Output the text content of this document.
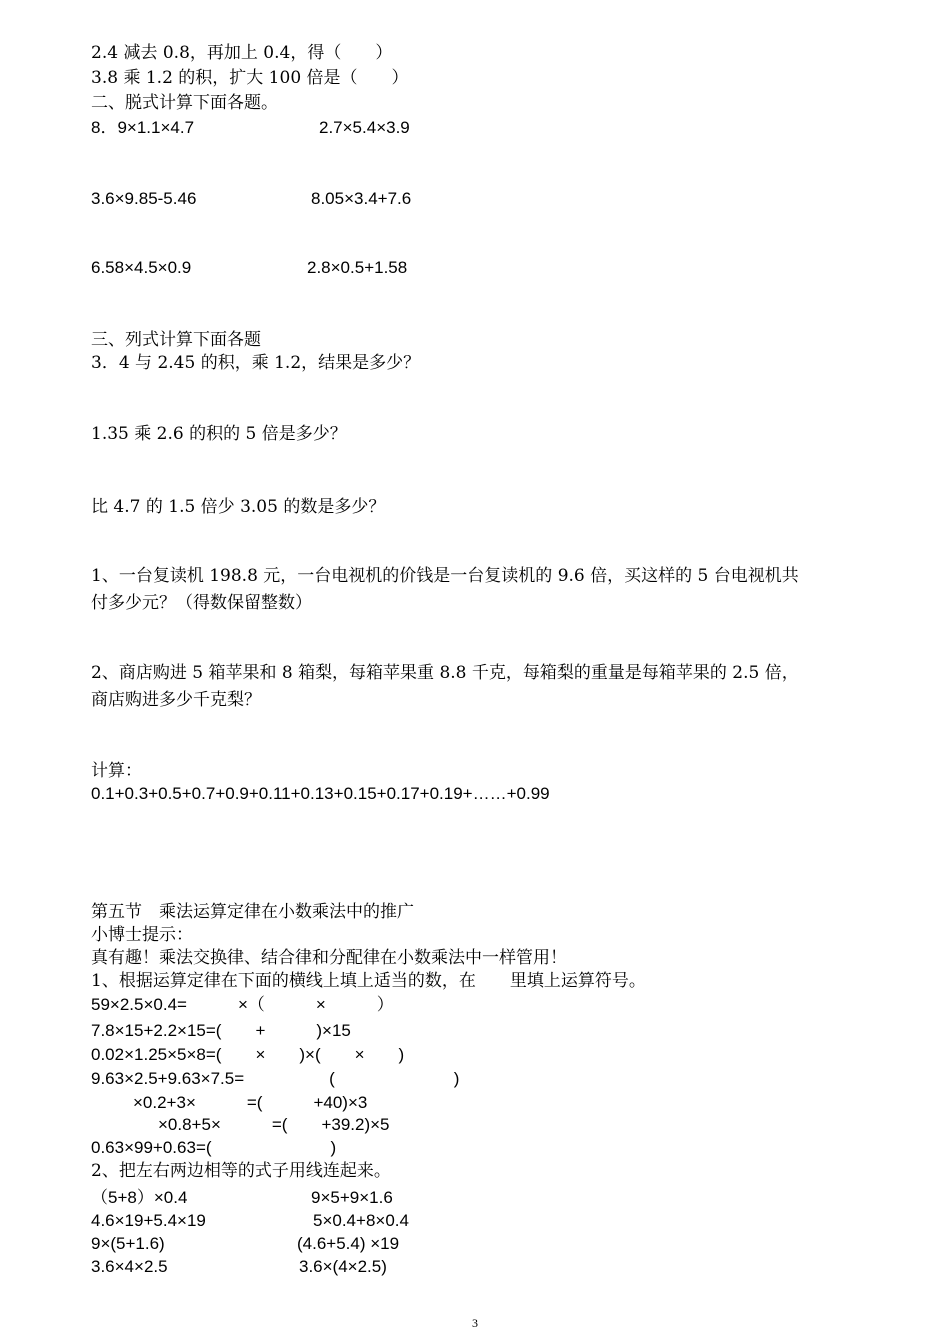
2.4 减去 0.8，再加上 0.4，得（　　）
3.8 乘 1.2 的积，扩大 100 倍是（　　）
二、脱式计算下面各题。
8．9×1.1×4.7	2.7×5.4×3.9
3.6×9.85-5.46	8.05×3.4+7.6
6.58×4.5×0.9	2.8×0.5+1.58
三、列式计算下面各题
3．4 与 2.45 的积，乘 1.2，结果是多少？
1.35 乘 2.6 的积的 5 倍是多少？
比 4.7 的 1.5 倍少 3.05 的数是多少？
1、一台复读机 198.8 元，一台电视机的价钱是一台复读机的 9.6 倍，买这样的 5 台电视机共
付多少元？（得数保留整数）
2、商店购进 5 箱苹果和 8 箱梨，每箱苹果重 8.8 千克，每箱梨的重量是每箱苹果的 2.5 倍，
商店购进多少千克梨？
计算：
0.1+0.3+0.5+0.7+0.9+0.11+0.13+0.15+0.17+0.19+……+0.99
第五节　乘法运算定律在小数乘法中的推广
小博士提示：
真有趣！乘法交换律、结合律和分配律在小数乘法中一样管用！
1、根据运算定律在下面的横线上填上适当的数，在　　里填上运算符号。
59×2.5×0.4=　　　×（　　　×　　　）
7.8×15+2.2×15=(　　+　　　)×15
0.02×1.25×5×8=(　　×　　)×(　　×　　)
9.63×2.5+9.63×7.5=　　　　　(　　　　　　　)
×0.2+3×　　　=(　　　+40)×3
×0.8+5×　　　=(　　+39.2)×5
0.63×99+0.63=(　　　　　　　)
2、把左右两边相等的式子用线连起来。
（5+8）×0.4	9×5+9×1.6
4.6×19+5.4×19	5×0.4+8×0.4
9×(5+1.6)	(4.6+5.4) ×19
3.6×4×2.5	3.6×(4×2.5)
3
